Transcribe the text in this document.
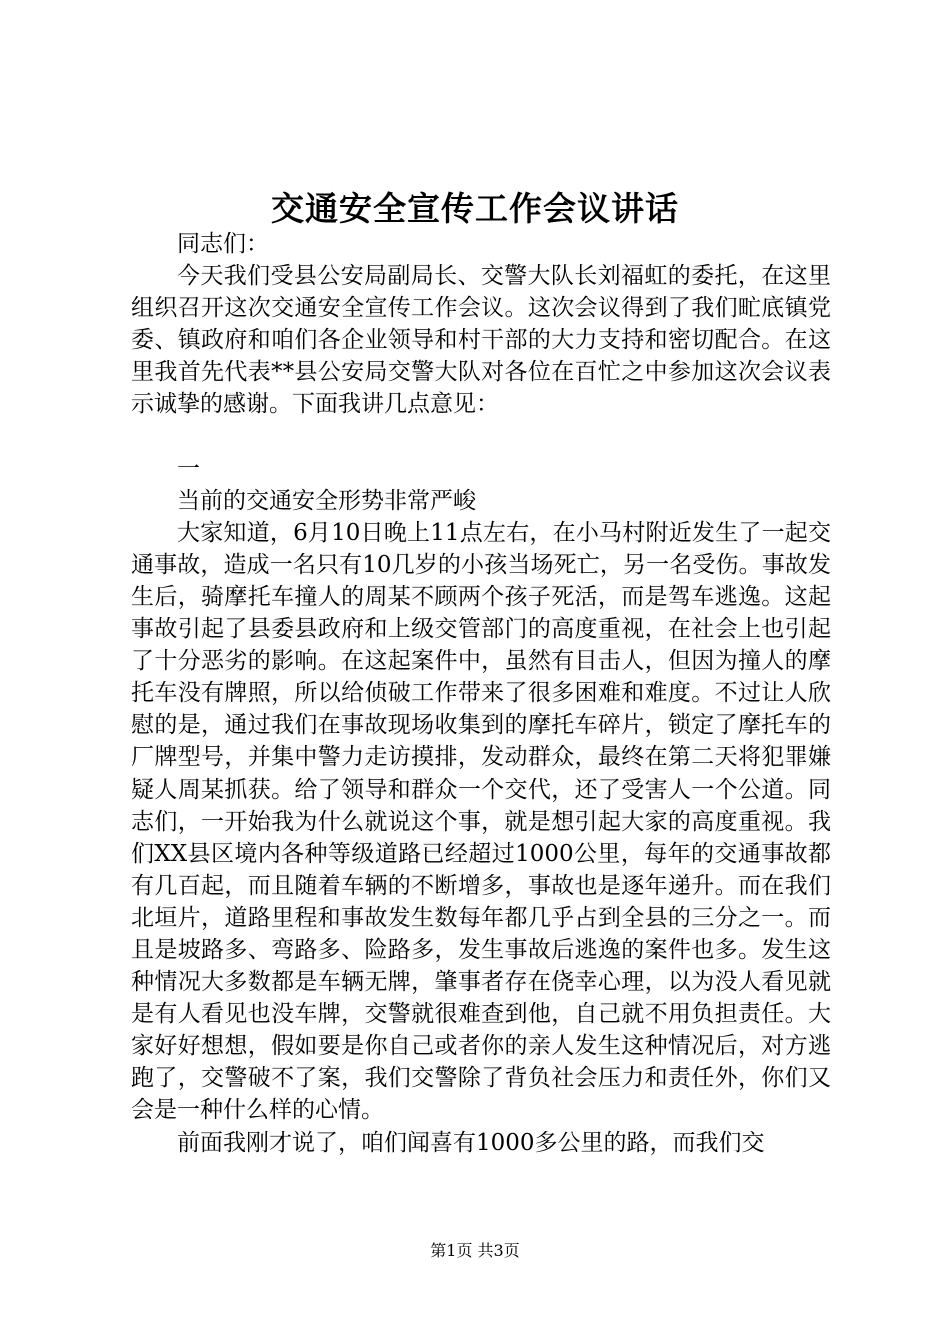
交通安全宣传工作会议讲话

同志们：

今天我们受县公安局副局长、交警大队长刘福虹的委托，在这里组织召开这次交通安全宣传工作会议。这次会议得到了我们甿底镇党委、镇政府和咱们各企业领导和村干部的大力支持和密切配合。在这里我首先代表**县公安局交警大队对各位在百忙之中参加这次会议表示诚挚的感谢。下面我讲几点意见：

一

当前的交通安全形势非常严峻

大家知道，6月10日晚上11点左右，在小马村附近发生了一起交通事故，造成一名只有10几岁的小孩当场死亡，另一名受伤。事故发生后，骑摩托车撞人的周某不顾两个孩子死活，而是驾车逃逸。这起事故引起了县委县政府和上级交管部门的高度重视，在社会上也引起了十分恶劣的影响。在这起案件中，虽然有目击人，但因为撞人的摩托车没有牌照，所以给侦破工作带来了很多困难和难度。不过让人欣慰的是，通过我们在事故现场收集到的摩托车碎片，锁定了摩托车的厂牌型号，并集中警力走访摸排，发动群众，最终在第二天将犯罪嫌疑人周某抓获。给了领导和群众一个交代，还了受害人一个公道。同志们，一开始我为什么就说这个事，就是想引起大家的高度重视。我们XX县区境内各种等级道路已经超过1000公里，每年的交通事故都有几百起，而且随着车辆的不断增多，事故也是逐年递升。而在我们北垣片，道路里程和事故发生数每年都几乎占到全县的三分之一。而且是坡路多、弯路多、险路多，发生事故后逃逸的案件也多。发生这种情况大多数都是车辆无牌，肇事者存在侥幸心理，以为没人看见就是有人看见也没车牌，交警就很难查到他，自己就不用负担责任。大家好好想想，假如要是你自己或者你的亲人发生这种情况后，对方逃跑了，交警破不了案，我们交警除了背负社会压力和责任外，你们又会是一种什么样的心情。

前面我刚才说了，咱们闻喜有1000多公里的路，而我们交

第1页 共3页
